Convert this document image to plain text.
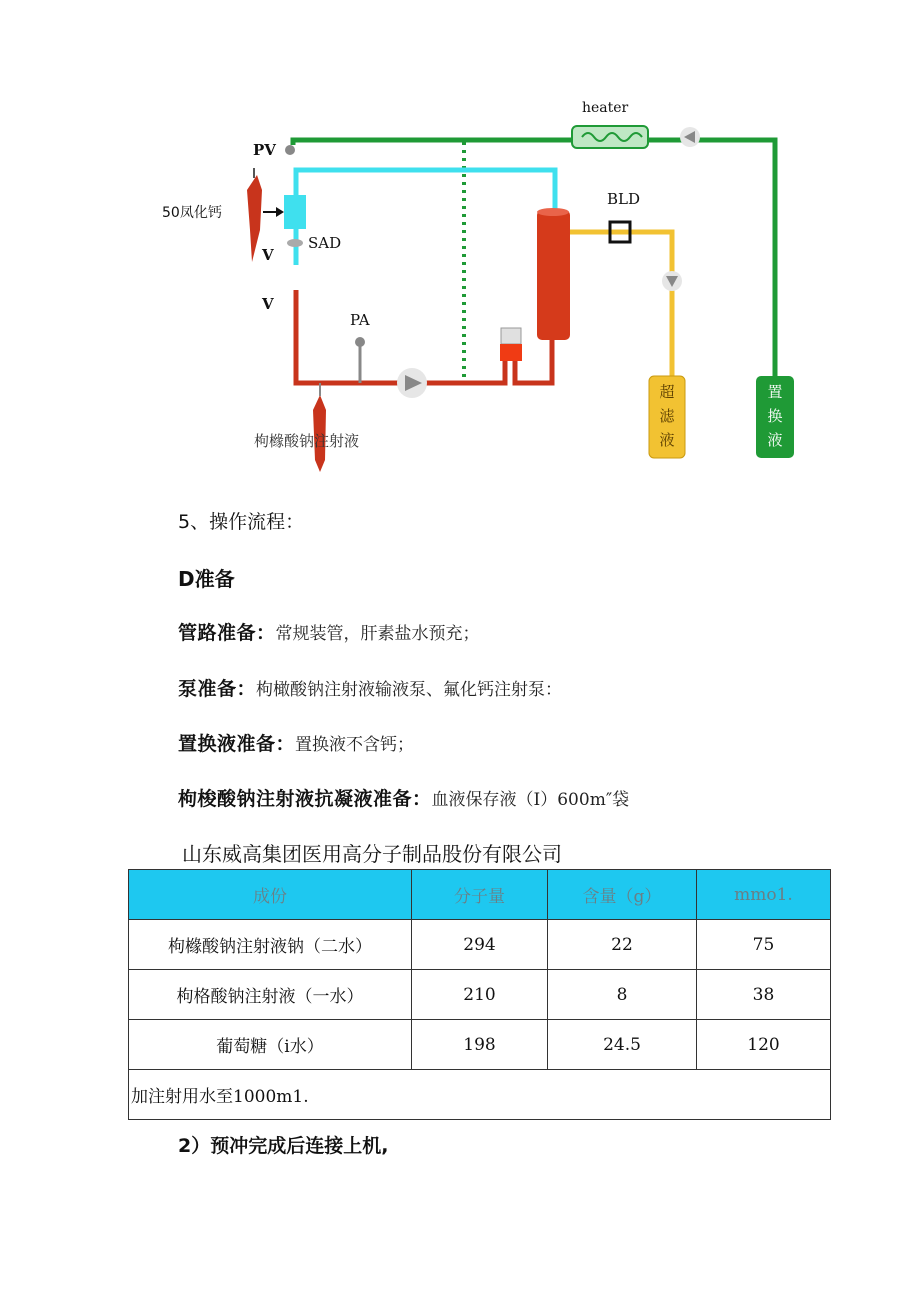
heater
PV
50凤化钙
V
SAD
V
PA
BLD
枸橼酸钠注射液
超
滤
液
置
换
液
5、操作流程：
D准备
管路准备：常规装管，肝素盐水预充；
泵准备：枸橄酸钠注射液输液泵、氟化钙注射泵：
置换液准备：置换液不含钙；
枸梭酸钠注射液抗凝液准备：血液保存液（I）600m″袋
山东威高集团医用高分子制品股份有限公司
成份	分子量	含量（g）	mmo1.
枸橼酸钠注射液钠（二水）	294	22	75
枸格酸钠注射液（一水）	210	8	38
葡萄糖（i水）	198	24.5	120
加注射用水至1000m1.			
2）预冲完成后连接上机,
